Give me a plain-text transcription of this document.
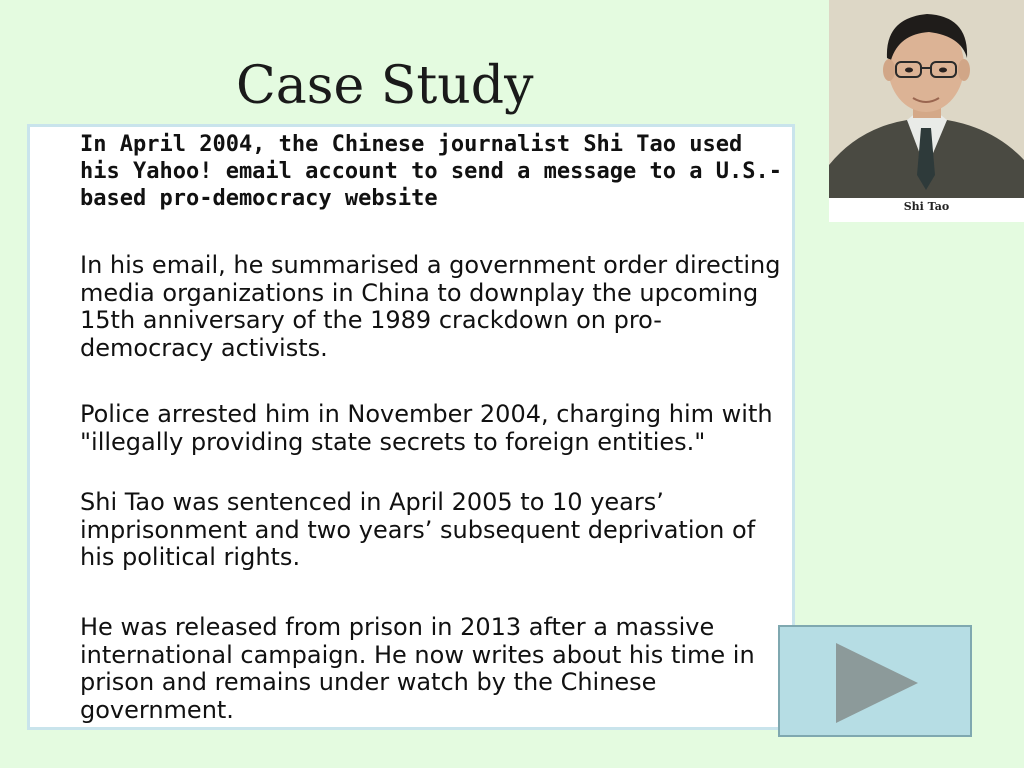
Case Study

In April 2004, the Chinese journalist Shi Tao used his Yahoo! email account to send a message to a U.S.-based pro-democracy website

In his email, he summarised a government order directing media organizations in China to downplay the upcoming 15th anniversary of the 1989 crackdown on pro-democracy activists.

Police arrested him in November 2004, charging him with "illegally providing state secrets to foreign entities."

Shi Tao was sentenced in April 2005 to 10 years’ imprisonment and two years’ subsequent deprivation of his political rights.

He was released from prison in 2013 after a massive international campaign. He now writes about his time in prison and remains under watch by the Chinese government.

Shi Tao
